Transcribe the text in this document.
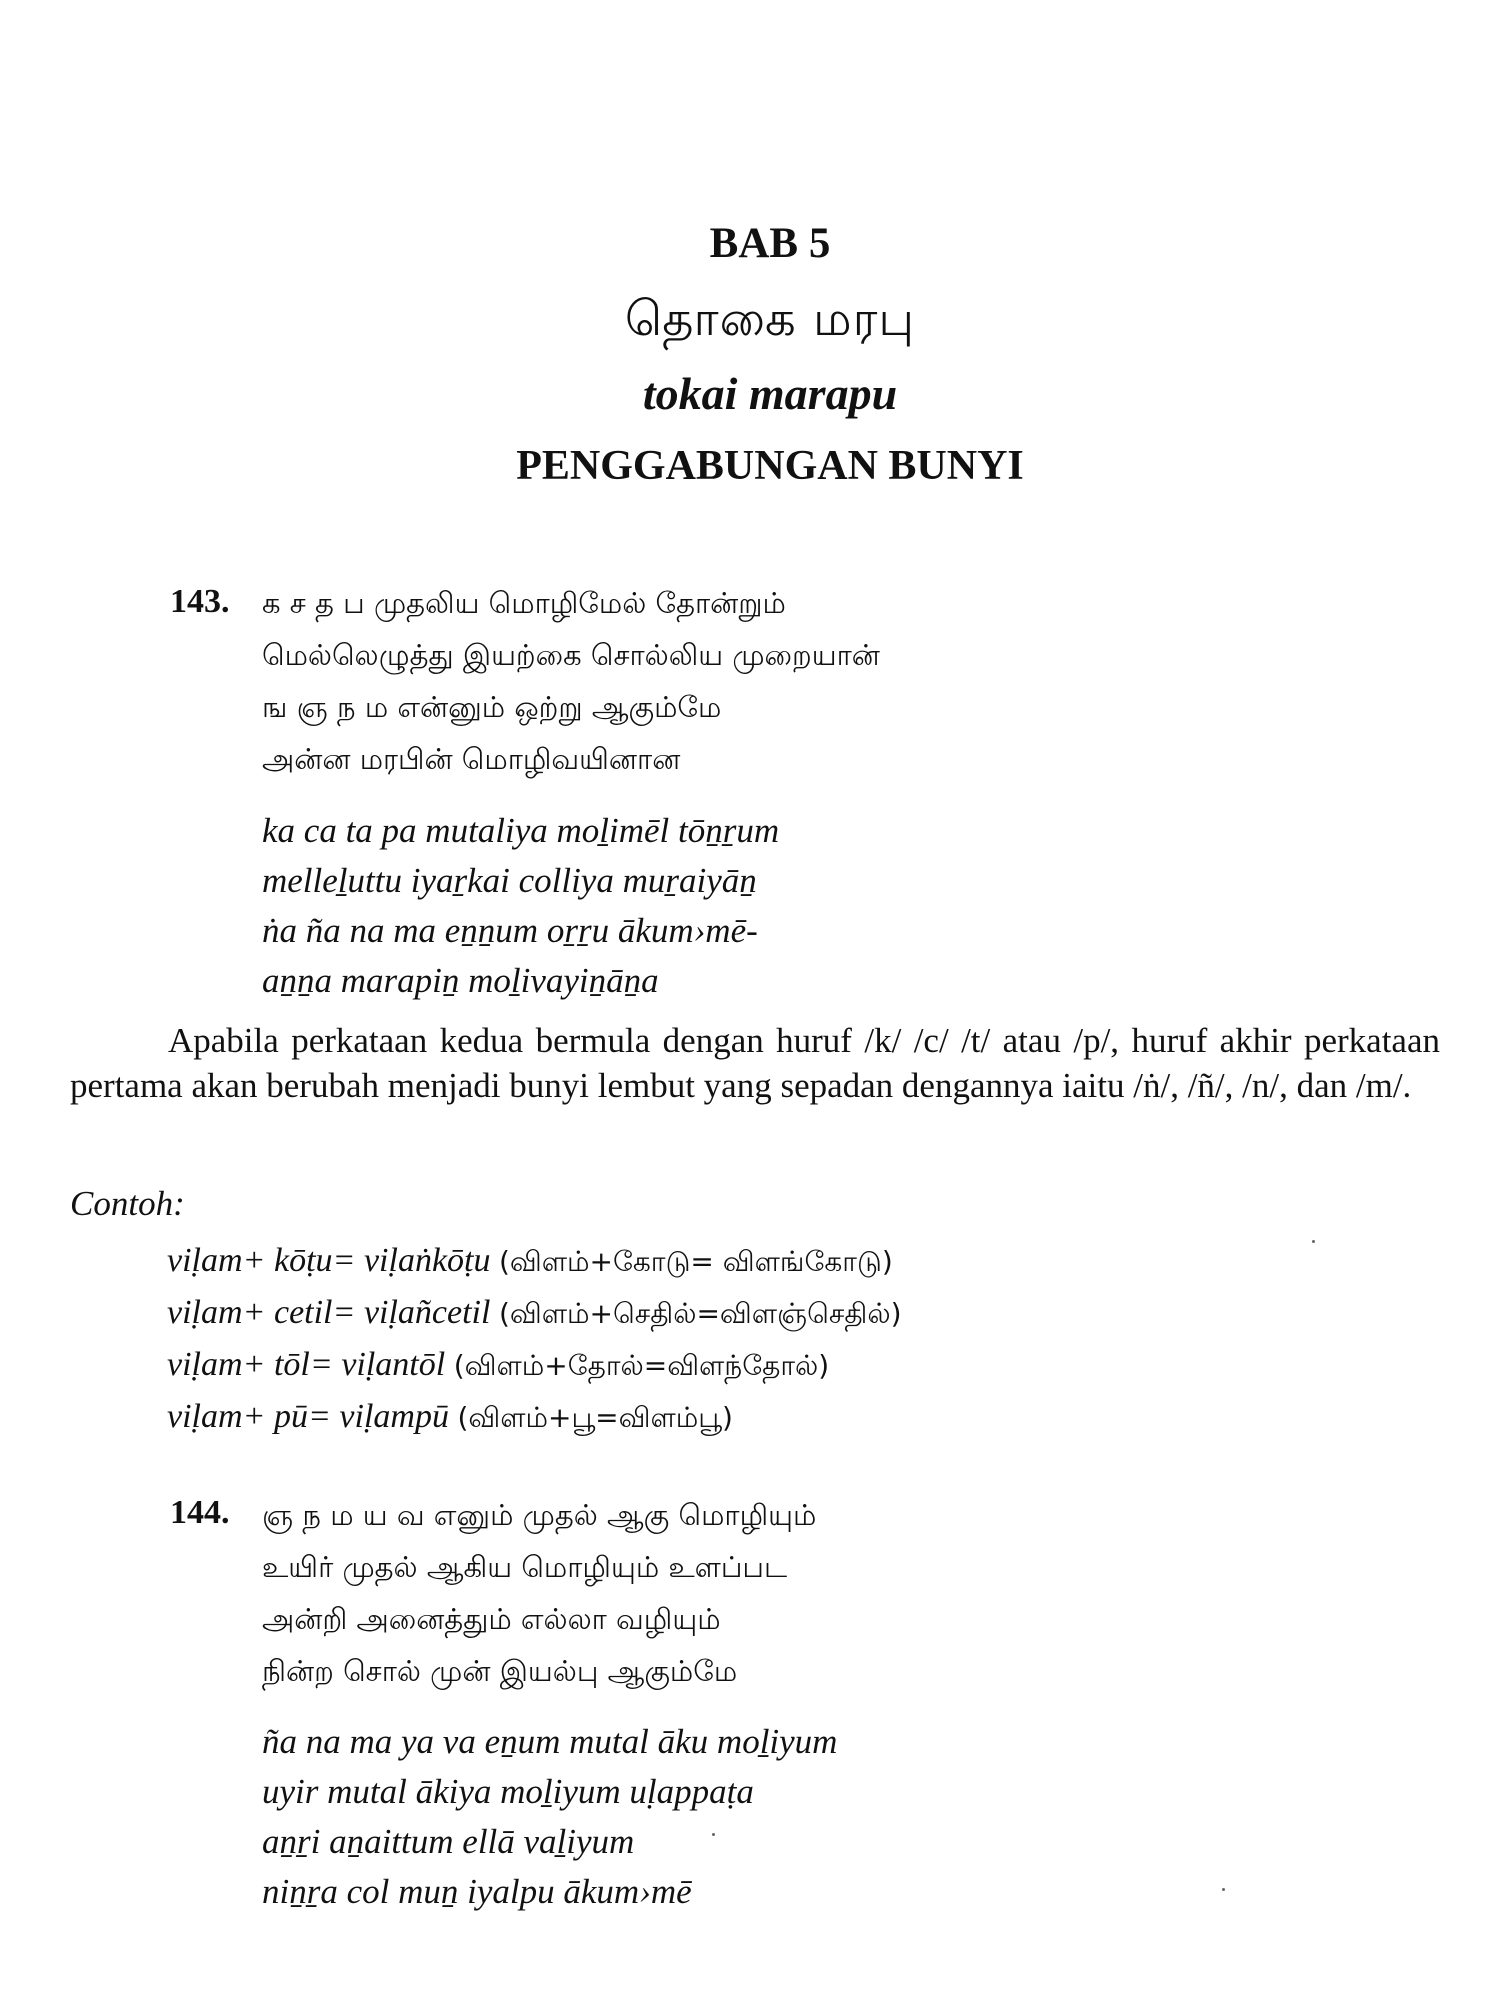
BAB 5
தொகை மரபு
tokai marapu
PENGGABUNGAN BUNYI
143. க ச த ப முதலிய மொழிமேல் தோன்றும்
மெல்லெழுத்து இயற்கை சொல்லிய முறையான்
ங ஞ ந ம என்னும் ஒற்று ஆகும்மே
அன்ன மரபின் மொழிவயினான
ka ca ta pa mutaliya moḻimēl tōṉṟum
melleḻuttu iyaṟkai colliya muṟaiyāṉ
ṅa ña na ma eṉṉum oṟṟu ākum›mē-
aṉṉa marapiṉ moḻivayiṉāṉa
Apabila perkataan kedua bermula dengan huruf /k/ /c/ /t/ atau /p/, huruf akhir perkataan pertama akan berubah menjadi bunyi lembut yang sepadan dengannya iaitu /ṅ/, /ñ/, /n/, dan /m/.
Contoh:
viḷam+ kōṭu= viḷaṅkōṭu (விளம்+கோடு= விளங்கோடு)
viḷam+ cetil= viḷañcetil (விளம்+செதில்=விளஞ்செதில்)
viḷam+ tōl= viḷantōl (விளம்+தோல்=விளந்தோல்)
viḷam+ pū= viḷampū (விளம்+பூ=விளம்பூ)
144. ஞ ந ம ய வ எனும் முதல் ஆகு மொழியும்
உயிர் முதல் ஆகிய மொழியும் உளப்பட
அன்றி அனைத்தும் எல்லா வழியும்
நின்ற சொல் முன் இயல்பு ஆகும்மே
ña na ma ya va eṉum mutal āku moḻiyum
uyir mutal ākiya moḻiyum uḷappaṭa
aṉṟi aṉaittum ellā vaḻiyum
niṉṟa col muṉ iyalpu ākum›mē
